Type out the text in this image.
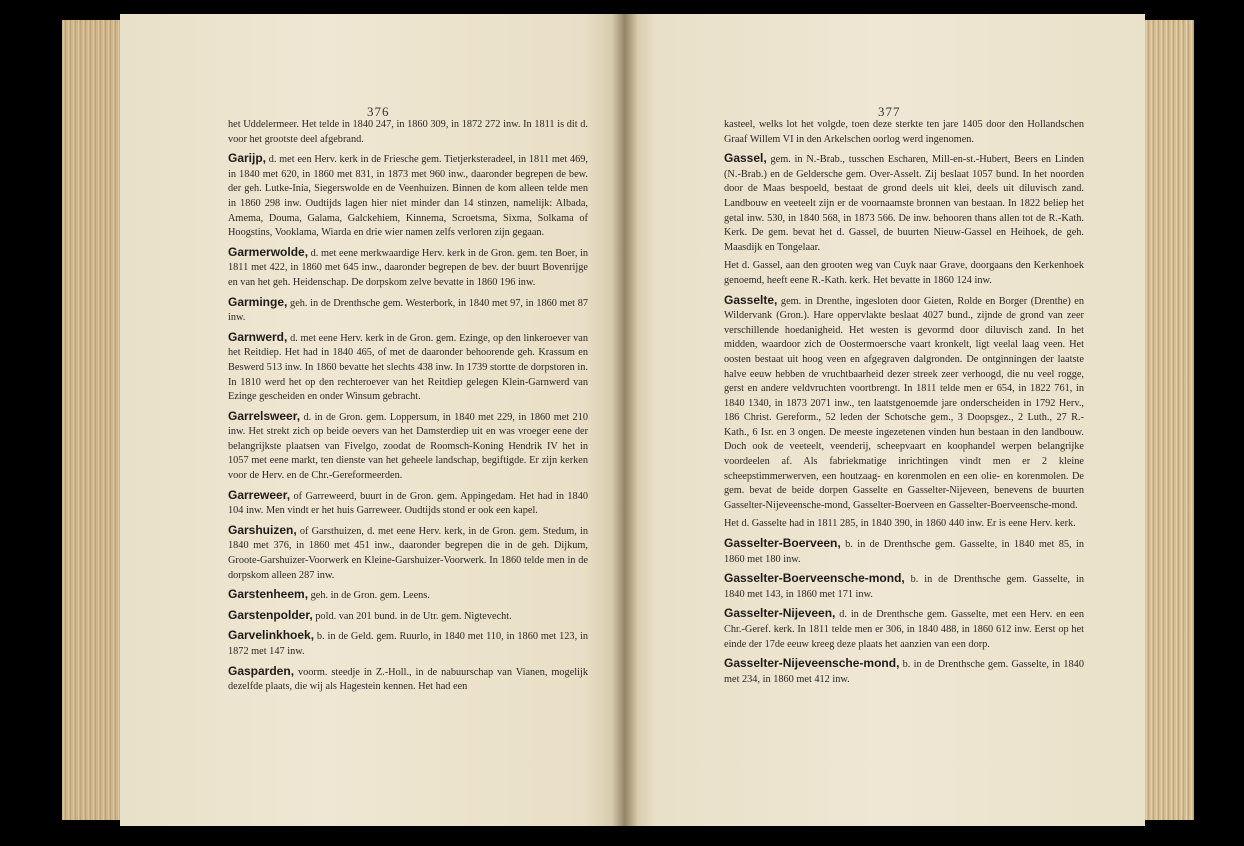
376	377

het Uddelermeer. Het telde in 1840 247, in 1860 309, in 1872 272 inw. In 1811 is dit d. voor het grootste deel afgebrand.

Garijp, d. met een Herv. kerk in de Friesche gem. Tietjerksteradeel, in 1811 met 469, in 1840 met 620, in 1860 met 831, in 1873 met 960 inw., daaronder begrepen de bew. der geh. Lutke-Inia, Siegerswolde en de Veenhuizen. Binnen de kom alleen telde men in 1860 298 inw. Oudtijds lagen hier niet minder dan 14 stinzen, namelijk: Albada, Amema, Douma, Galama, Galckehiem, Kinnema, Scroetsma, Sixma, Solkama of Hoogstins, Vooklama, Wiarda en drie wier namen zelfs verloren zijn gegaan.

Garmerwolde, d. met eene merkwaardige Herv. kerk in de Gron. gem. ten Boer, in 1811 met 422, in 1860 met 645 inw., daaronder begrepen de bev. der buurt Bovenrijge en van het geh. Heidenschap. De dorpskom zelve bevatte in 1860 196 inw.

Garminge, geh. in de Drenthsche gem. Westerbork, in 1840 met 97, in 1860 met 87 inw.

Garnwerd, d. met eene Herv. kerk in de Gron. gem. Ezinge, op den linkeroever van het Reitdiep. Het had in 1840 465, of met de daaronder behoorende geh. Krassum en Beswerd 513 inw. In 1860 bevatte het slechts 438 inw. In 1739 stortte de dorpstoren in. In 1810 werd het op den rechteroever van het Reitdiep gelegen Klein-Garnwerd van Ezinge gescheiden en onder Winsum gebracht.

Garrelsweer, d. in de Gron. gem. Loppersum, in 1840 met 229, in 1860 met 210 inw. Het strekt zich op beide oevers van het Damsterdiep uit en was vroeger eene der belangrijkste plaatsen van Fivelgo, zoodat de Roomsch-Koning Hendrik IV het in 1057 met eene markt, ten dienste van het geheele landschap, begiftigde. Er zijn kerken voor de Herv. en de Chr.-Gereformeerden.

Garreweer, of Garreweerd, buurt in de Gron. gem. Appingedam. Het had in 1840 104 inw. Men vindt er het huis Garreweer. Oudtijds stond er ook een kapel.

Garshuizen, of Garsthuizen, d. met eene Herv. kerk, in de Gron. gem. Stedum, in 1840 met 376, in 1860 met 451 inw., daaronder begrepen die in de geh. Dijkum, Groote-Garshuizer-Voorwerk en Kleine-Garshuizer-Voorwerk. In 1860 telde men in de dorpskom alleen 287 inw.

Garstenheem, geh. in de Gron. gem. Leens.

Garstenpolder, pold. van 201 bund. in de Utr. gem. Nigtevecht.

Garvelinkhoek, b. in de Geld. gem. Ruurlo, in 1840 met 110, in 1860 met 123, in 1872 met 147 inw.

Gasparden, voorm. steedje in Z.-Holl., in de nabuurschap van Vianen, mogelijk dezelfde plaats, die wij als Hagestein kennen. Het had een

kasteel, welks lot het volgde, toen deze sterkte ten jare 1405 door den Hollandschen Graaf Willem VI in den Arkelschen oorlog werd ingenomen.

Gassel, gem. in N.-Brab., tusschen Escharen, Mill-en-st.-Hubert, Beers en Linden (N.-Brab.) en de Geldersche gem. Over-Asselt. Zij beslaat 1057 bund. In het noorden door de Maas bespoeld, bestaat de grond deels uit klei, deels uit diluvisch zand. Landbouw en veeteelt zijn er de voornaamste bronnen van bestaan. In 1822 beliep het getal inw. 530, in 1840 568, in 1873 566. De inw. behooren thans allen tot de R.-Kath. Kerk. De gem. bevat het d. Gassel, de buurten Nieuw-Gassel en Heihoek, de geh. Maasdijk en Tongelaar.

Het d. Gassel, aan den grooten weg van Cuyk naar Grave, doorgaans den Kerkenhoek genoemd, heeft eene R.-Kath. kerk. Het bevatte in 1860 124 inw.

Gasselte, gem. in Drenthe, ingesloten door Gieten, Rolde en Borger (Drenthe) en Wildervank (Gron.). Hare oppervlakte beslaat 4027 bund., zijnde de grond van zeer verschillende hoedanigheid. Het westen is gevormd door diluvisch zand. In het midden, waardoor zich de Oostermoersche vaart kronkelt, ligt veelal laag veen. Het oosten bestaat uit hoog veen en afgegraven dalgronden. De ontginningen der laatste halve eeuw hebben de vruchtbaarheid dezer streek zeer verhoogd, die nu veel rogge, gerst en andere veldvruchten voortbrengt. In 1811 telde men er 654, in 1822 761, in 1840 1340, in 1873 2071 inw., ten laatstgenoemde jare onderscheiden in 1792 Herv., 186 Christ. Gereform., 52 leden der Schotsche gem., 3 Doopsgez., 2 Luth., 27 R.-Kath., 6 Isr. en 3 ongen. De meeste ingezetenen vinden hun bestaan in den landbouw. Doch ook de veeteelt, veenderij, scheepvaart en koophandel werpen belangrijke voordeelen af. Als fabriekmatige inrichtingen vindt men er 2 kleine scheepstimmerwerven, een houtzaag- en korenmolen en een olie- en korenmolen. De gem. bevat de beide dorpen Gasselte en Gasselter-Nijeveen, benevens de buurten Gasselter-Nijeveensche-mond, Gasselter-Boerveen en Gasselter-Boerveensche-mond.

Het d. Gasselte had in 1811 285, in 1840 390, in 1860 440 inw. Er is eene Herv. kerk.

Gasselter-Boerveen, b. in de Drenthsche gem. Gasselte, in 1840 met 85, in 1860 met 180 inw.

Gasselter-Boerveensche-mond, b. in de Drenthsche gem. Gasselte, in 1840 met 143, in 1860 met 171 inw.

Gasselter-Nijeveen, d. in de Drenthsche gem. Gasselte, met een Herv. en een Chr.-Geref. kerk. In 1811 telde men er 306, in 1840 488, in 1860 612 inw. Eerst op het einde der 17de eeuw kreeg deze plaats het aanzien van een dorp.

Gasselter-Nijeveensche-mond, b. in de Drenthsche gem. Gasselte, in 1840 met 234, in 1860 met 412 inw.
